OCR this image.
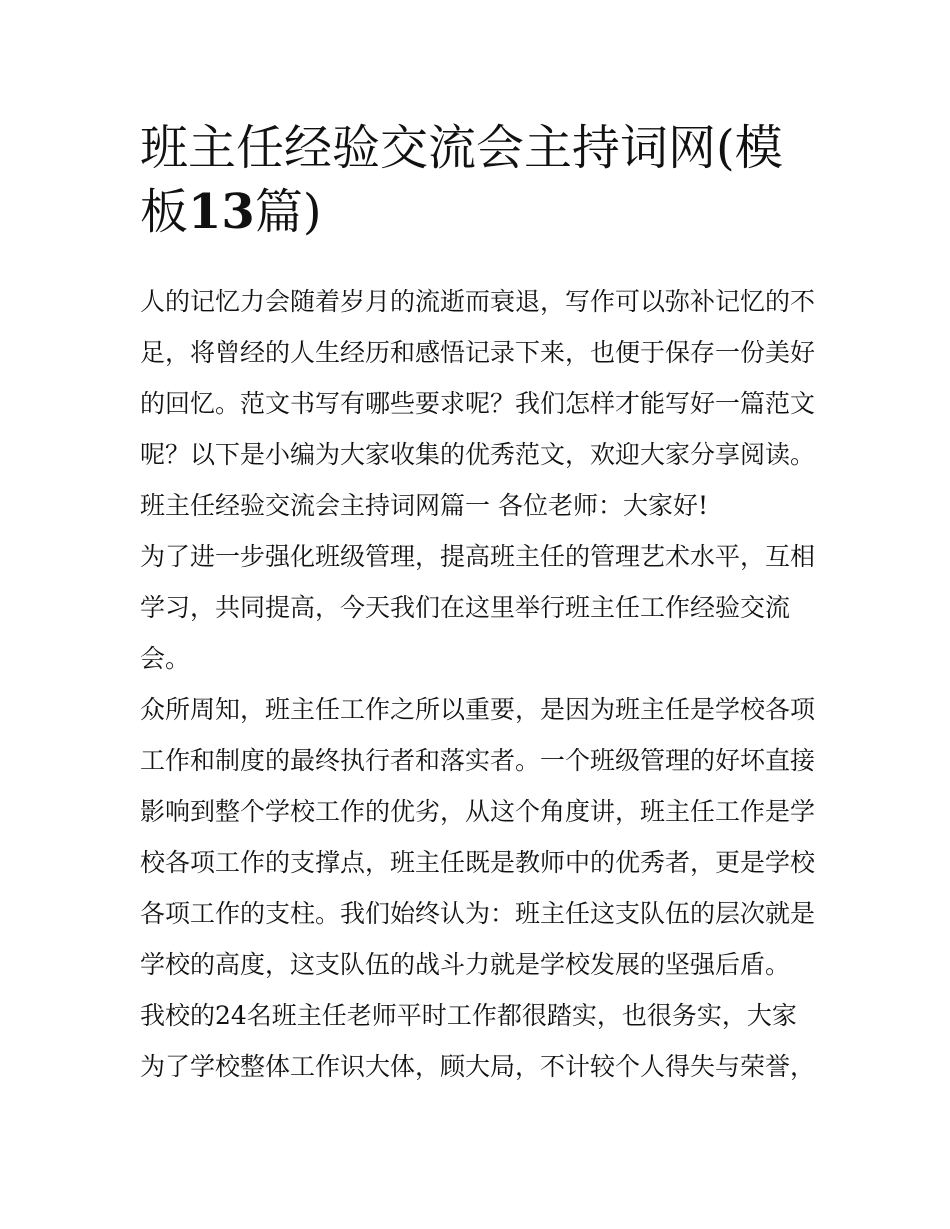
班主任经验交流会主持词网(模板13篇)

人的记忆力会随着岁月的流逝而衰退，写作可以弥补记忆的不足，将曾经的人生经历和感悟记录下来，也便于保存一份美好的回忆。范文书写有哪些要求呢？我们怎样才能写好一篇范文呢？以下是小编为大家收集的优秀范文，欢迎大家分享阅读。

班主任经验交流会主持词网篇一 各位老师：大家好!

为了进一步强化班级管理，提高班主任的管理艺术水平，互相学习，共同提高，今天我们在这里举行班主任工作经验交流会。

众所周知，班主任工作之所以重要，是因为班主任是学校各项工作和制度的最终执行者和落实者。一个班级管理的好坏直接影响到整个学校工作的优劣，从这个角度讲，班主任工作是学校各项工作的支撑点，班主任既是教师中的优秀者，更是学校各项工作的支柱。我们始终认为：班主任这支队伍的层次就是学校的高度，这支队伍的战斗力就是学校发展的坚强后盾。

我校的24名班主任老师平时工作都很踏实，也很务实，大家为了学校整体工作识大体，顾大局，不计较个人得失与荣誉，
